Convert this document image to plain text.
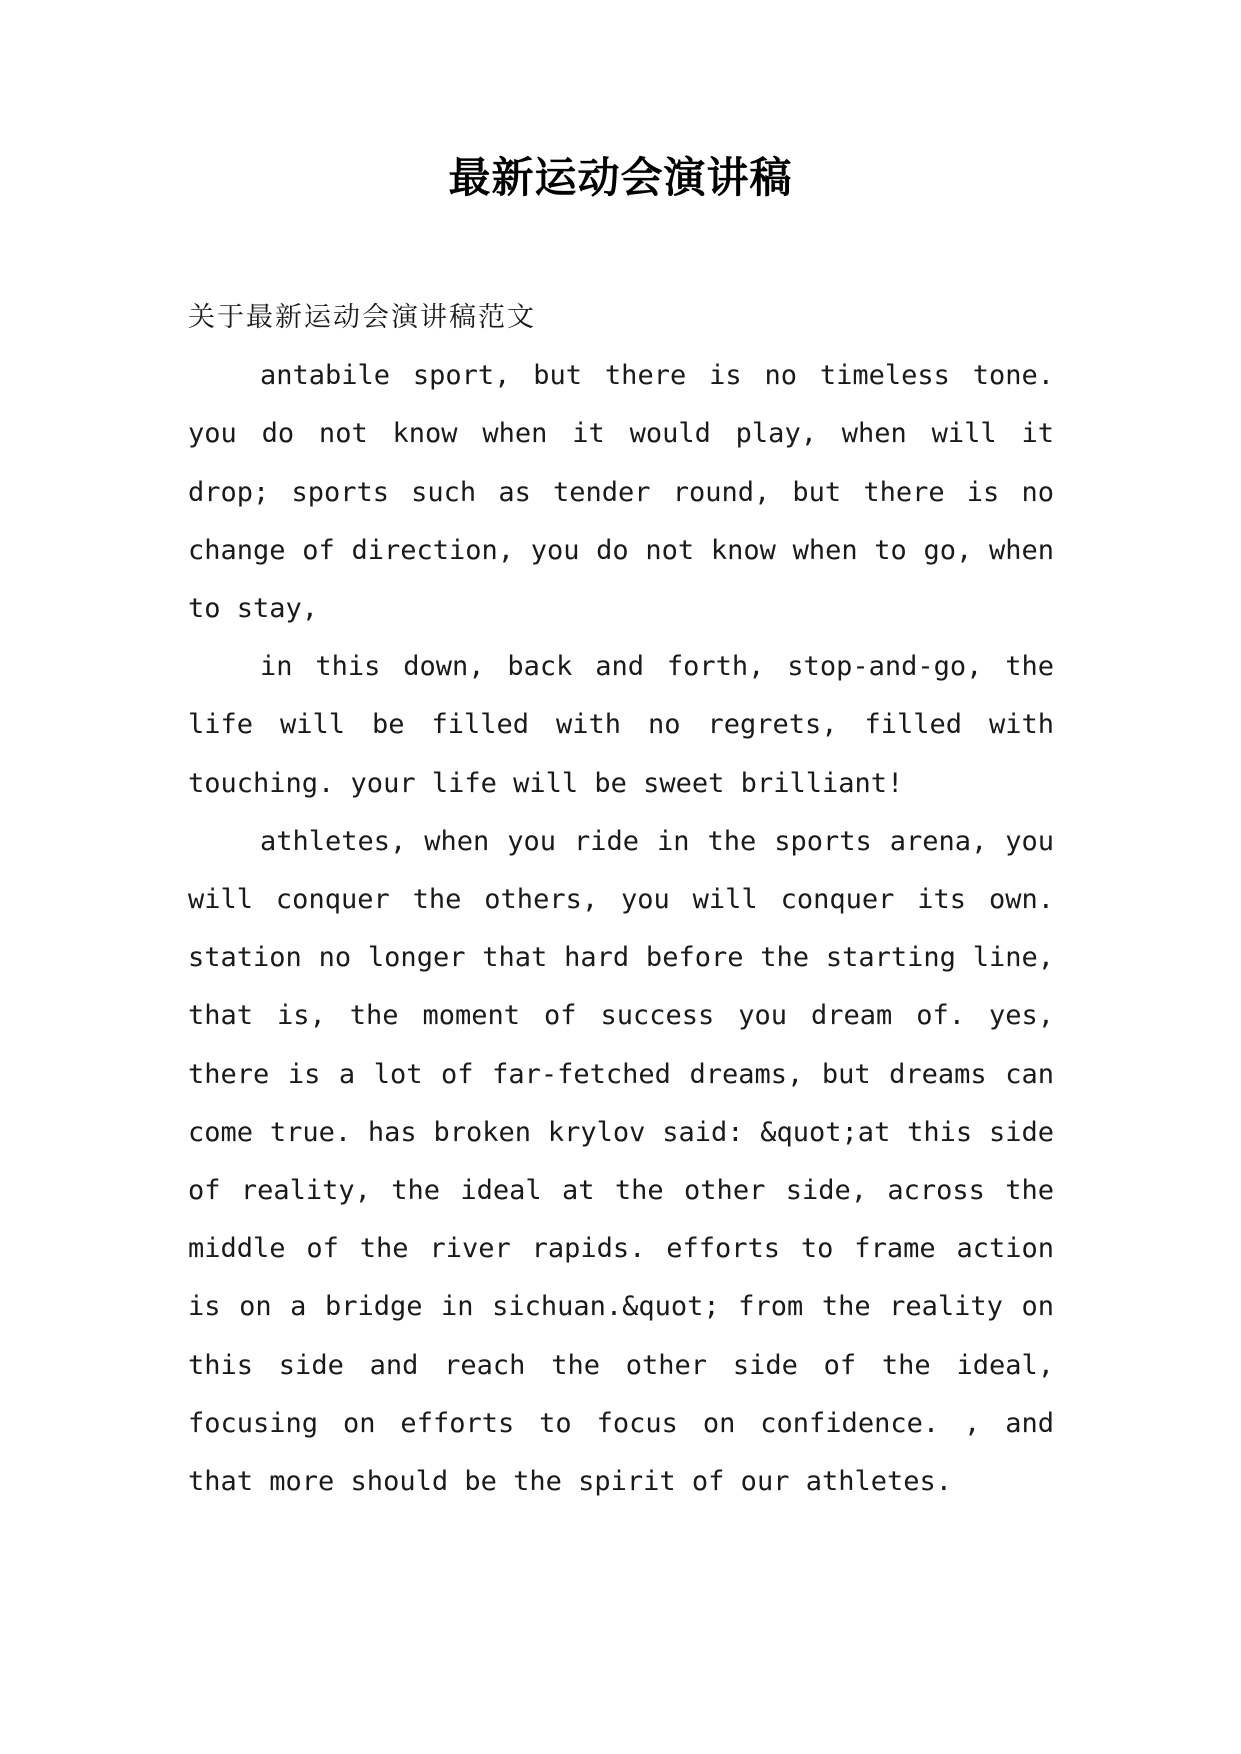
最新运动会演讲稿

关于最新运动会演讲稿范文

antabile sport, but there is no timeless tone. you do not know when it would play, when will it drop; sports such as tender round, but there is no change of direction, you do not know when to go, when to stay,

in this down, back and forth, stop-and-go, the life will be filled with no regrets, filled with touching. your life will be sweet brilliant!

athletes, when you ride in the sports arena, you will conquer the others, you will conquer its own. station no longer that hard before the starting line, that is, the moment of success you dream of. yes, there is a lot of far-fetched dreams, but dreams can come true. has broken krylov said: &quot;at this side of reality, the ideal at the other side, across the middle of the river rapids. efforts to frame action is on a bridge in sichuan.&quot; from the reality on this side and reach the other side of the ideal, focusing on efforts to focus on confidence. , and that more should be the spirit of our athletes.
